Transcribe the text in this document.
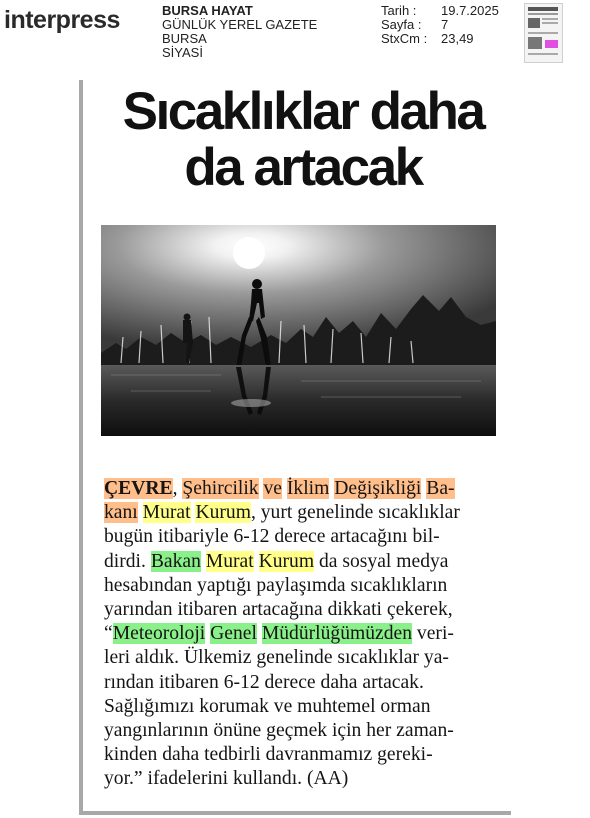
interpress	BURSA HAYAT
GÜNLÜK YEREL GAZETE
BURSA
SİYASİ
Tarih :	19.7.2025
Sayfa :	7
StxCm :	23,49
Sıcaklıklar daha
da artacak

ÇEVRE, Şehircilik ve İklim Değişikliği Ba-
kanı Murat Kurum, yurt genelinde sıcaklıklar
bugün itibariyle 6-12 derece artacağını bil-
dirdi. Bakan Murat Kurum da sosyal medya
hesabından yaptığı paylaşımda sıcaklıkların
yarından itibaren artacağına dikkati çekerek,
“Meteoroloji Genel Müdürlüğümüzden veri-
leri aldık. Ülkemiz genelinde sıcaklıklar ya-
rından itibaren 6-12 derece daha artacak.
Sağlığımızı korumak ve muhtemel orman
yangınlarının önüne geçmek için her zaman-
kinden daha tedbirli davranmamız gereki-
yor.” ifadelerini kullandı. (AA)
